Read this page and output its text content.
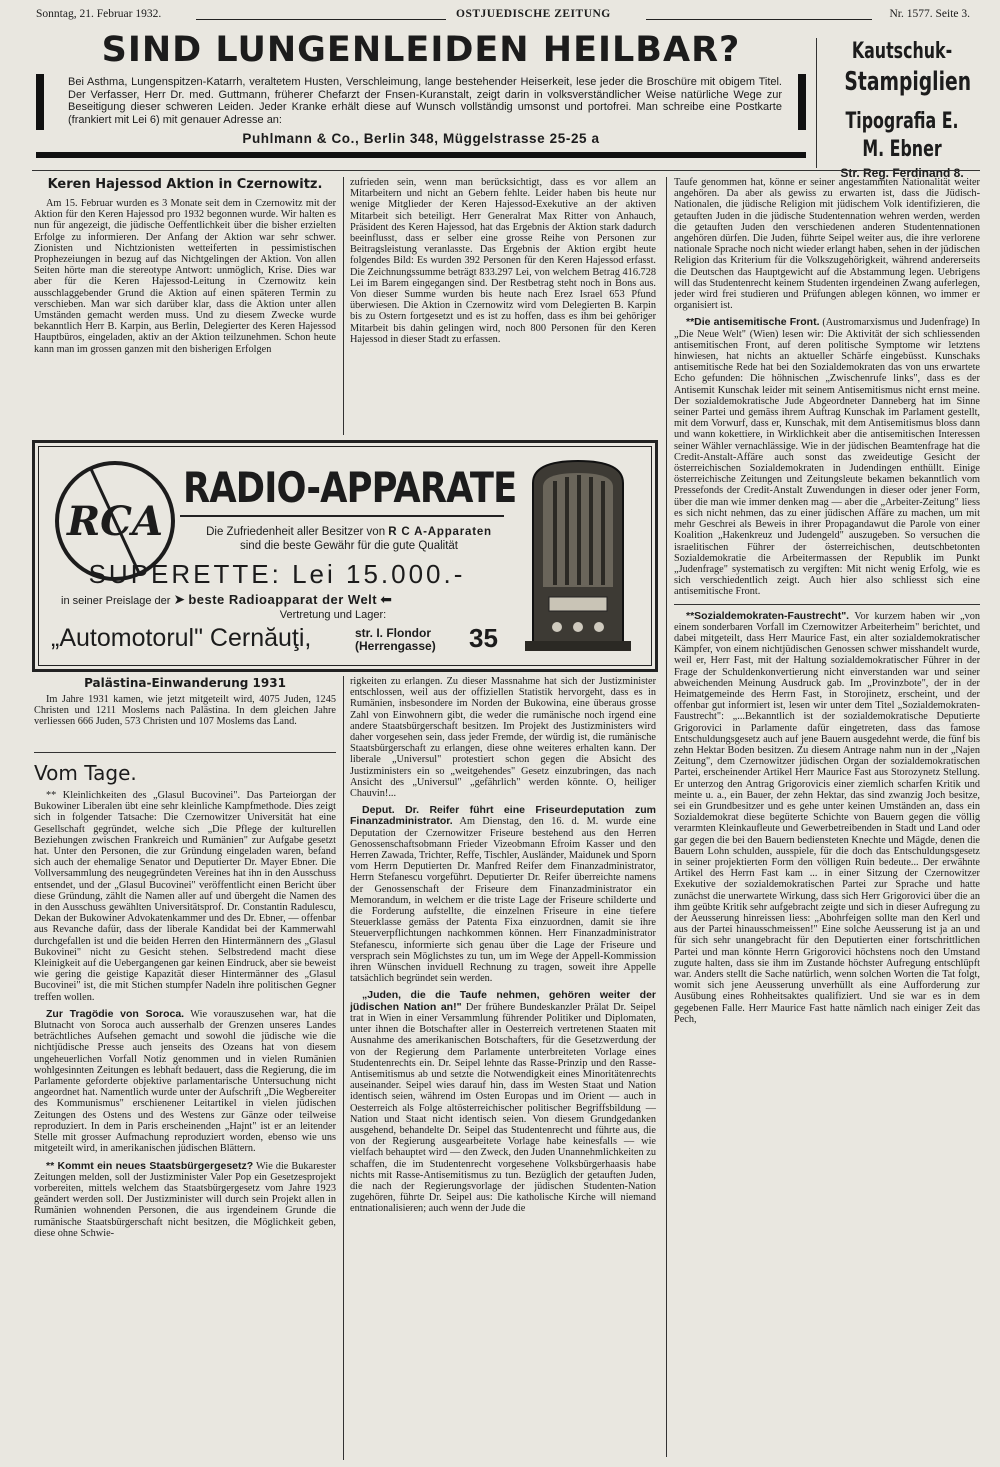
Sonntag, 21. Februar 1932.	OSTJUEDISCHE ZEITUNG	Nr. 1577. Seite 3.
SIND LUNGENLEIDEN HEILBAR?
Bei Asthma, Lungenspitzen-Katarrh, veraltetem Husten, Verschleimung, lange bestehender Heiserkeit, lese jeder die Broschüre mit obigem Titel. Der Verfasser, Herr Dr. med. Guttmann, früherer Chefarzt der Fnsen-Kuranstalt, zeigt darin in volksverständlicher Weise natürliche Wege zur Beseitigung dieser schweren Leiden. Jeder Kranke erhält diese auf Wunsch vollständig umsonst und portofrei. Man schreibe eine Postkarte (frankiert mit Lei 6) mit genauer Adresse an:
Puhlmann & Co., Berlin 348, Müggelstrasse 25-25 a
Kautschuk-
Stampiglien
Tipografia E. M. Ebner
Str. Reg. Ferdinand 8.
Keren Hajessod Aktion in Czernowitz.

Am 15. Februar wurden es 3 Monate seit dem in Czernowitz mit der Aktion für den Keren Hajessod pro 1932 begonnen wurde. Wir halten es nun für angezeigt, die jüdische Oeffentlichkeit über die bisher erzielten Erfolge zu informieren. Der Anfang der Aktion war sehr schwer. Zionisten und Nichtzionisten wetteiferten in pessimistischen Prophezeiungen in bezug auf das Nichtgelingen der Aktion. Von allen Seiten hörte man die stereotype Antwort: unmöglich, Krise. Dies war aber für die Keren Hajessod-Leitung in Czernowitz kein ausschlaggebender Grund die Aktion auf einen späteren Termin zu verschieben. Man war sich darüber klar, dass die Aktion unter allen Umständen gemacht werden muss. Und zu diesem Zwecke wurde bekanntlich Herr B. Karpin, aus Berlin, Delegierter des Keren Hajessod Hauptbüros, eingeladen, aktiv an der Aktion teilzunehmen. Schon heute kann man im grossen ganzen mit den bisherigen Erfolgen

zufrieden sein, wenn man berücksichtigt, dass es vor allem an Mitarbeitern und nicht an Gebern fehlte. Leider haben bis heute nur wenige Mitglieder der Keren Hajessod-Exekutive an der aktiven Mitarbeit sich beteiligt. Herr Generalrat Max Ritter von Anhauch, Präsident des Keren Hajessod, hat das Ergebnis der Aktion stark dadurch beeinflusst, dass er selber eine grosse Reihe von Personen zur Beitragsleistung veranlasste. Das Ergebnis der Aktion ergibt heute folgendes Bild: Es wurden 392 Personen für den Keren Hajessod erfasst. Die Zeichnungssumme beträgt 833.297 Lei, von welchem Betrag 416.728 Lei im Barem eingegangen sind. Der Restbetrag steht noch in Bons aus. Von dieser Summe wurden bis heute nach Erez Israel 653 Pfund überwiesen. Die Aktion in Czernowitz wird vom Delegierten B. Karpin bis zu Ostern fortgesetzt und es ist zu hoffen, dass es ihm bei gehöriger Mitarbeit bis dahin gelingen wird, noch 800 Personen für den Keren Hajessod in dieser Stadt zu erfassen.

RCA
RADIO-APPARATE
Die Zufriedenheit aller Besitzer von R C A-Apparaten
sind die beste Gewähr für die gute Qualität
SUPERETTE: Lei 15.000.-
in seiner Preislage der ➤ beste Radioapparat der Welt ⬅
Vertretung und Lager:
„Automotorul" Cernăuţi,	str. I. Flondor
(Herrengasse)	35
Palästina-Einwanderung 1931

Im Jahre 1931 kamen, wie jetzt mitgeteilt wird, 4075 Juden, 1245 Christen und 1211 Moslems nach Palästina. In dem gleichen Jahre verliessen 666 Juden, 573 Christen und 107 Moslems das Land.

Vom Tage.

** Kleinlichkeiten des „Glasul Bucovinei". Das Parteiorgan der Bukowiner Liberalen übt eine sehr kleinliche Kampfmethode. Dies zeigt sich in folgender Tatsache: Die Czernowitzer Universität hat eine Gesellschaft gegründet, welche sich „Die Pflege der kulturellen Beziehungen zwischen Frankreich und Rumänien" zur Aufgabe gesetzt hat. Unter den Personen, die zur Gründung eingeladen waren, befand sich auch der ehemalige Senator und Deputierter Dr. Mayer Ebner. Die Vollversammlung des neugegründeten Vereines hat ihn in den Ausschuss entsendet, und der „Glasul Bucovinei" veröffentlicht einen Bericht über diese Gründung, zählt die Namen aller auf und übergeht die Namen des in den Ausschuss gewählten Universitätsprof. Dr. Constantin Radulescu, Dekan der Bukowiner Advokatenkammer und des Dr. Ebner, — offenbar aus Revanche dafür, dass der liberale Kandidat bei der Kammerwahl durchgefallen ist und die beiden Herren den Hintermännern des „Glasul Bukovinei" nicht zu Gesicht stehen. Selbstredend macht diese Kleinigkeit auf die Uebergangenen gar keinen Eindruck, aber sie beweist wie gering die geistige Kapazität dieser Hintermänner des „Glasul Bucovinei" ist, die mit Stichen stumpfer Nadeln ihre politischen Gegner treffen wollen.

Zur Tragödie von Soroca. Wie vorauszusehen war, hat die Blutnacht von Soroca auch ausserhalb der Grenzen unseres Landes beträchtliches Aufsehen gemacht und sowohl die jüdische wie die nichtjüdische Presse auch jenseits des Ozeans hat von diesem ungeheuerlichen Vorfall Notiz genommen und in vielen Rumänien wohlgesinnten Zeitungen es lebhaft bedauert, dass die Regierung, die im Parlamente geforderte objektive parlamentarische Untersuchung nicht angeordnet hat. Namentlich wurde unter der Aufschrift „Die Wegbereiter des Kommunismus" erschienener Leitartikel in vielen jüdischen Zeitungen des Ostens und des Westens zur Gänze oder teilweise reproduziert. In dem in Paris erscheinenden „Hajnt" ist er an leitender Stelle mit grosser Aufmachung reproduziert worden, ebenso wie uns mitgeteilt wird, in amerikanischen jüdischen Blättern.

** Kommt ein neues Staatsbürgergesetz? Wie die Bukarester Zeitungen melden, soll der Justizminister Valer Pop ein Gesetzesprojekt vorbereiten, mittels welchem das Staatsbürgergesetz vom Jahre 1923 geändert werden soll. Der Justizminister will durch sein Projekt allen in Rumänien wohnenden Personen, die aus irgendeinem Grunde die rumänische Staatsbürgerschaft nicht besitzen, die Möglichkeit geben, diese ohne Schwie-

rigkeiten zu erlangen. Zu dieser Massnahme hat sich der Justizminister entschlossen, weil aus der offiziellen Statistik hervorgeht, dass es in Rumänien, insbesondere im Norden der Bukowina, eine überaus grosse Zahl von Einwohnern gibt, die weder die rumänische noch irgend eine andere Staatsbürgerschaft besitzen. Im Projekt des Justizministers wird daher vorgesehen sein, dass jeder Fremde, der würdig ist, die rumänische Staatsbürgerschaft zu erlangen, diese ohne weiteres erhalten kann. Der liberale „Universul" protestiert schon gegen die Absicht des Justizministers ein so „weitgehendes" Gesetz einzubringen, das nach Ansicht des „Universul" „gefährlich" werden könnte. O, heiliger Chauvin!...

Deput. Dr. Reifer führt eine Friseurdeputation zum Finanzadministrator. Am Dienstag, den 16. d. M. wurde eine Deputation der Czernowitzer Friseure bestehend aus den Herren Genossenschaftsobmann Frieder Vizeobmann Efroim Kasser und den Herren Zawada, Trichter, Reffe, Tischler, Ausländer, Maidunek und Sporn vom Herrn Deputierten Dr. Manfred Reifer dem Finanzadministrator, Herrn Stefanescu vorgeführt. Deputierter Dr. Reifer überreichte namens der Genossenschaft der Friseure dem Finanzadministrator ein Memorandum, in welchem er die triste Lage der Friseure schilderte und die Forderung aufstellte, die einzelnen Friseure in eine tiefere Steuerklasse gemäss der Patenta Fixa einzuordnen, damit sie ihre Steuerverpflichtungen nachkommen können. Herr Finanzadministrator Stefanescu, informierte sich genau über die Lage der Friseure und versprach sein Möglichstes zu tun, um im Wege der Appell-Kommission ihren Wünschen inviduell Rechnung zu tragen, soweit ihre Appelle tatsächlich begründet sein werden.

„Juden, die die Taufe nehmen, gehören weiter der jüdischen Nation an!" Der frühere Bundeskanzler Prälat Dr. Seipel trat in Wien in einer Versammlung führender Politiker und Diplomaten, unter ihnen die Botschafter aller in Oesterreich vertretenen Staaten mit Ausnahme des amerikanischen Botschafters, für die Gesetzwerdung der von der Regierung dem Parlamente unterbreiteten Vorlage eines Studentenrechts ein. Dr. Seipel lehnte das Rasse-Prinzip und den Rasse-Antisemitismus ab und setzte die Notwendigkeit eines Minoritätenrechts auseinander. Seipel wies darauf hin, dass im Westen Staat und Nation identisch seien, während im Osten Europas und im Orient — auch in Oesterreich als Folge altösterreichischer politischer Begriffsbildung — Nation und Staat nicht identisch seien. Von diesem Grundgedanken ausgehend, behandelte Dr. Seipel das Studentenrecht und führte aus, die von der Regierung ausgearbeitete Vorlage habe keinesfalls — wie vielfach behauptet wird — den Zweck, den Juden Unannehmlichkeiten zu schaffen, die im Studentenrecht vorgesehene Volksbürgerhaasis habe nichts mit Rasse-Antisemitismus zu tun. Bezüglich der getauften Juden, die nach der Regierungsvorlage der jüdischen Studenten-Nation zugehören, führte Dr. Seipel aus: Die katholische Kirche will niemand entnationalisieren; auch wenn der Jude die

Taufe genommen hat, könne er seiner angestammten Nationalität weiter angehören. Da aber als gewiss zu erwarten ist, dass die Jüdisch-Nationalen, die jüdische Religion mit jüdischem Volk identifizieren, die getauften Juden in die jüdische Studentennation wehren werden, werden die getauften Juden den verschiedenen anderen Studentennationen angehören dürfen. Die Juden, führte Seipel weiter aus, die ihre verlorene nationale Sprache noch nicht wieder erlangt haben, sehen in der jüdischen Religion das Kriterium für die Volkszugehörigkeit, während andererseits die Deutschen das Hauptgewicht auf die Abstammung legen. Uebrigens will das Studentenrecht keinem Studenten irgendeinen Zwang auferlegen, jeder wird frei studieren und Prüfungen ablegen können, wo immer er organisiert ist.

**Die antisemitische Front. (Austromarxismus und Judenfrage) In „Die Neue Welt" (Wien) lesen wir: Die Aktivität der sich schliessenden antisemitischen Front, auf deren politische Symptome wir letztens hinwiesen, hat nichts an aktueller Schärfe eingebüsst. Kunschaks antisemitische Rede hat bei den Sozialdemokraten das von uns erwartete Echo gefunden: Die höhnischen „Zwischenrufe links", dass es der Antisemit Kunschak leider mit seinem Antisemitismus nicht ernst meine. Der sozialdemokratische Jude Abgeordneter Danneberg hat im Sinne seiner Partei und gemäss ihrem Auftrag Kunschak im Parlament gestellt, mit dem Vorwurf, dass er, Kunschak, mit dem Antisemitismus bloss dann und wann kokettiere, in Wirklichkeit aber die antisemitischen Interessen seiner Wähler vernachlässige. Wie in der jüdischen Beamtenfrage hat die Credit-Anstalt-Affäre auch sonst das zweideutige Gesicht der österreichischen Sozialdemokraten in Judendingen enthüllt. Einige österreichische Zeitungen und Zeitungsleute bekamen bekanntlich vom Pressefonds der Credit-Anstalt Zuwendungen in dieser oder jener Form, über die man wie immer denken mag — aber die „Arbeiter-Zeitung" liess es sich nicht nehmen, das zu einer jüdischen Affäre zu machen, um mit mehr Geschrei als Beweis in ihrer Propagandawut die Parole von einer Koalition „Hakenkreuz und Judengeld" auszugeben. So versuchen die israelitischen Führer der österreichischen, deutschbetonten Sozialdemokratie die Arbeitermassen der Republik im Punkt „Judenfrage" systematisch zu vergiften: Mit nicht wenig Erfolg, wie es sich verschiedentlich zeigt. Auch hier also schliesst sich eine antisemitische Front.

**Sozialdemokraten-Faustrecht". Vor kurzem haben wir „von einem sonderbaren Vorfall im Czernowitzer Arbeiterheim" berichtet, und dabei mitgeteilt, dass Herr Maurice Fast, ein alter sozialdemokratischer Kämpfer, von einem nichtjüdischen Genossen schwer misshandelt wurde, weil er, Herr Fast, mit der Haltung sozialdemokratischer Führer in der Frage der Schuldenkonvertierung nicht einverstanden war und seiner abweichenden Meinung Ausdruck gab. Im „Provinzbote", der in der Heimatgemeinde des Herrn Fast, in Storojinetz, erscheint, und der offenbar gut informiert ist, lesen wir unter dem Titel „Sozialdemokraten-Faustrecht": „...Bekanntlich ist der sozialdemokratische Deputierte Grigorovici in Parlamente dafür eingetreten, dass das famose Entschuldungsgesetz auch auf jene Bauern ausgedehnt werde, die fünf bis zehn Hektar Boden besitzen. Zu diesem Antrage nahm nun in der „Najen Zeitung", dem Czernowitzer jüdischen Organ der sozialdemokratischen Partei, erscheinender Artikel Herr Maurice Fast aus Storozynetz Stellung. Er unterzog den Antrag Grigorovicis einer ziemlich scharfen Kritik und meinte u. a., ein Bauer, der zehn Hektar, das sind zwanzig Joch besitze, sei ein Grundbesitzer und es gehe unter keinen Umständen an, dass ein Sozialdemokrat diese begüterte Schichte von Bauern gegen die völlig verarmten Kleinkaufleute und Gewerbetreibenden in Stadt und Land oder gar gegen die bei den Bauern bediensteten Knechte und Mägde, denen die Bauern Lohn schulden, ausspiele, für die doch das Entschuldungsgesetz in seiner projektierten Form den völligen Ruin bedeute... Der erwähnte Artikel des Herrn Fast kam ... in einer Sitzung der Czernowitzer Exekutive der sozialdemokratischen Partei zur Sprache und hatte zunächst die unerwartete Wirkung, dass sich Herr Grigorovici über die an ihm geübte Kritik sehr aufgebracht zeigte und sich in dieser Aufregung zu der Aeusserung hinreissen liess: „Abohrfeigen sollte man den Kerl und aus der Partei hinausschmeissen!" Eine solche Aeusserung ist ja an und für sich sehr unangebracht für den Deputierten einer fortschrittlichen Partei und man könnte Herrn Grigorovici höchstens noch den Umstand zugute halten, dass sie ihm im Zustande höchster Aufregung entschlüpft war. Anders stellt die Sache natürlich, wenn solchen Worten die Tat folgt, womit sich jene Aeusserung unverhüllt als eine Aufforderung zur Ausübung eines Rohheitsaktes qualifiziert. Und sie war es in dem gegebenen Falle. Herr Maurice Fast hatte nämlich nach einiger Zeit das Pech,
